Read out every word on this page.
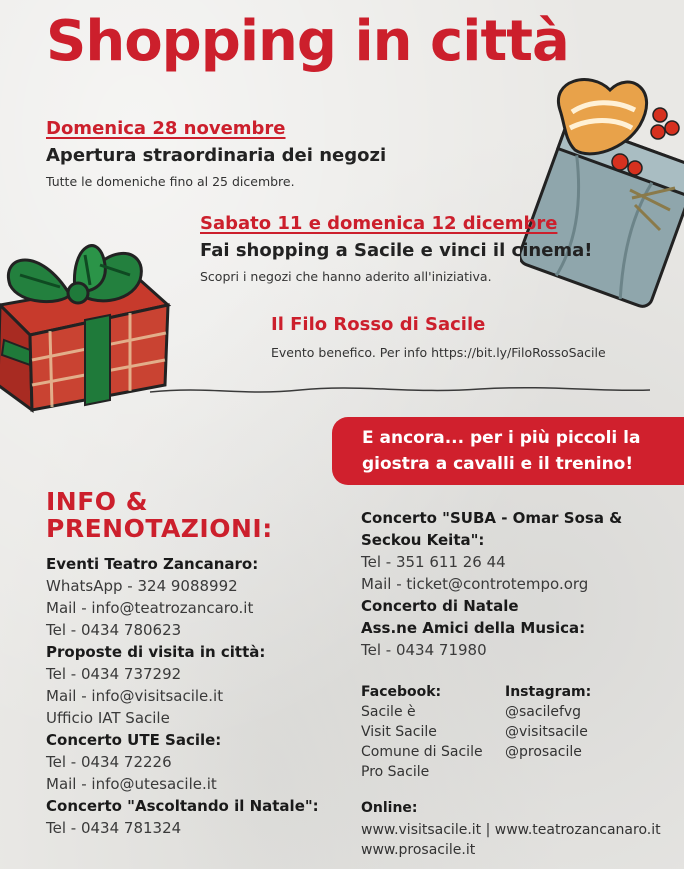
Shopping in città
Domenica 28 novembre
Apertura straordinaria dei negozi
Tutte le domeniche fino al 25 dicembre.
Sabato 11 e domenica 12 dicembre
Fai shopping a Sacile e vinci il cinema!
Scopri i negozi che hanno aderito all'iniziativa.
Il Filo Rosso di Sacile
Evento benefico. Per info https://bit.ly/FiloRossoSacile
E ancora... per i più piccoli la
giostra a cavalli e il trenino!
INFO &
PRENOTAZIONI:
Eventi Teatro Zancanaro:
WhatsApp - 324 9088992
Mail - info@teatrozancaro.it
Tel - 0434 780623
Proposte di visita in città:
Tel - 0434 737292
Mail - info@visitsacile.it
Ufficio IAT Sacile
Concerto UTE Sacile:
Tel - 0434 72226
Mail - info@utesacile.it
Concerto "Ascoltando il Natale":
Tel - 0434 781324
Concerto "SUBA - Omar Sosa &
Seckou Keita":
Tel - 351 611 26 44
Mail - ticket@controtempo.org
Concerto di Natale
Ass.ne Amici della Musica:
Tel - 0434 71980
Facebook:
Sacile è
Visit Sacile
Comune di Sacile
Pro Sacile
Instagram:
@sacilefvg
@visitsacile
@prosacile
Online:
www.visitsacile.it | www.teatrozancanaro.it
www.prosacile.it
